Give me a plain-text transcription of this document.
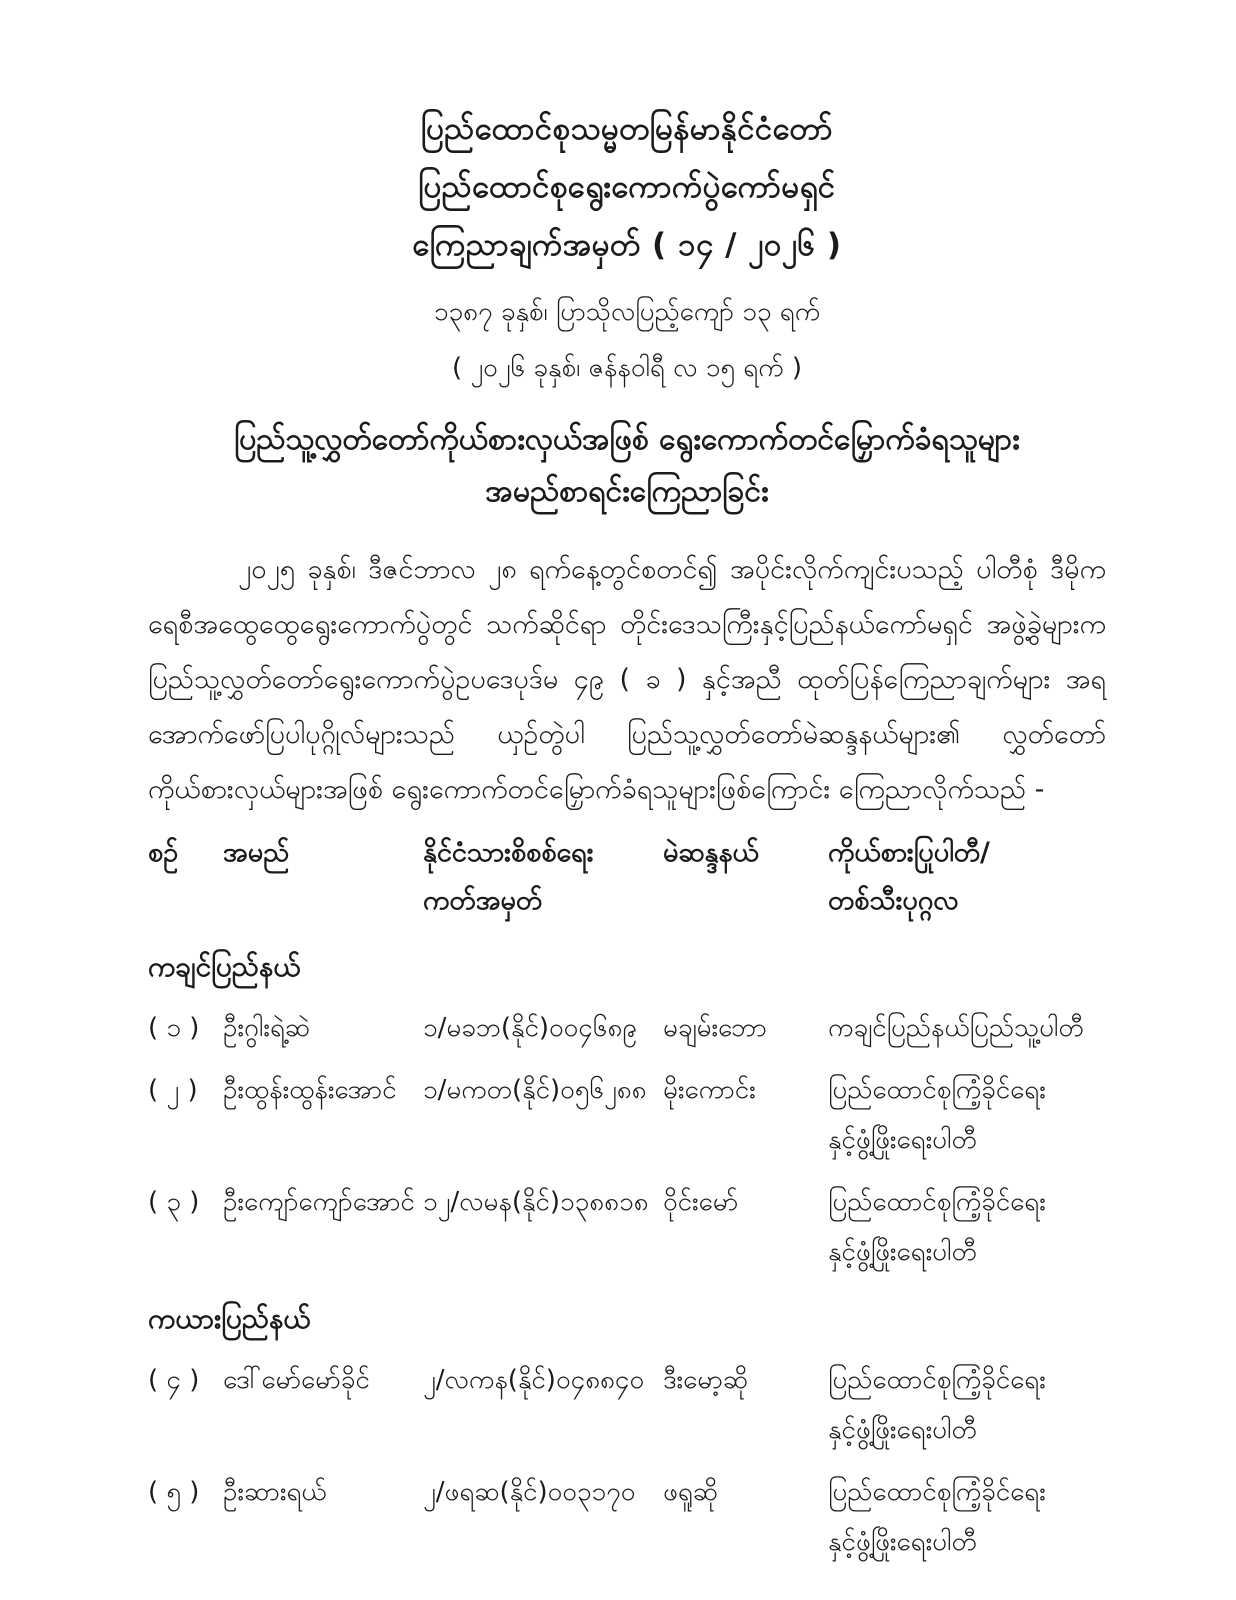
ပြည်ထောင်စုသမ္မတမြန်မာနိုင်ငံတော်
ပြည်ထောင်စုရွေးကောက်ပွဲကော်မရှင်
ကြေညာချက်အမှတ် ( ၁၄ / ၂၀၂၆ )
၁၃၈၇ ခုနှစ်၊ ပြာသိုလပြည့်ကျော် ၁၃ ရက်
( ၂၀၂၆ ခုနှစ်၊ ဇန်နဝါရီ လ ၁၅ ရက် )
ပြည်သူ့လွှတ်တော်ကိုယ်စားလှယ်အဖြစ် ရွေးကောက်တင်မြှောက်ခံရသူများ
အမည်စာရင်းကြေညာခြင်း
၂၀၂၅ ခုနှစ်၊ ဒီဇင်ဘာလ ၂၈ ရက်နေ့တွင်စတင်၍ အပိုင်းလိုက်ကျင်းပသည့် ပါတီစုံ ဒီမိုကရေစီအထွေထွေရွေးကောက်ပွဲတွင် သက်ဆိုင်ရာ တိုင်းဒေသကြီးနှင့်ပြည်နယ်ကော်မရှင် အဖွဲ့ခွဲများက ပြည်သူ့လွှတ်တော်ရွေးကောက်ပွဲဥပဒေပုဒ်မ ၄၉ ( ခ ) နှင့်အညီ ထုတ်ပြန်ကြေညာချက်များ အရ အောက်ဖော်ပြပါပုဂ္ဂိုလ်များသည် ယှဉ်တွဲပါ ပြည်သူ့လွှတ်တော်မဲဆန္ဒနယ်များ၏ လွှတ်တော် ကိုယ်စားလှယ်များအဖြစ် ရွေးကောက်တင်မြှောက်ခံရသူများဖြစ်ကြောင်း ကြေညာလိုက်သည် -
စဉ်	အမည်	နိုင်ငံသားစိစစ်ရေး
ကတ်အမှတ်
မဲဆန္ဒနယ်	ကိုယ်စားပြုပါတီ/
တစ်သီးပုဂ္ဂလ
ကချင်ပြည်နယ်
( ၁ ) ဦးဂွါးရဲ့ဆဲ	၁/မခဘ(နိုင်)၀၀၄၆၈၉ မချမ်းဘော	ကချင်ပြည်နယ်ပြည်သူ့ပါတီ
( ၂ ) ဦးထွန်းထွန်းအောင်	၁/မကတ(နိုင်)၀၅၆၂၈၈ မိုးကောင်း	ပြည်ထောင်စုကြံ့ခိုင်ရေး
နှင့်ဖွံ့ဖြိုးရေးပါတီ
( ၃ ) ဦးကျော်ကျော်အောင် ၁၂/လမန(နိုင်)၁၃၈၈၁၈ ဝိုင်းမော်	ပြည်ထောင်စုကြံ့ခိုင်ရေး
နှင့်ဖွံ့ဖြိုးရေးပါတီ
ကယားပြည်နယ်
( ၄ ) ဒေါ်မော်မော်ခိုင်	၂/လကန(နိုင်)၀၄၈၈၄၀ ဒီးမော့ဆို	ပြည်ထောင်စုကြံ့ခိုင်ရေး
နှင့်ဖွံ့ဖြိုးရေးပါတီ
( ၅ ) ဦးဆားရယ်	၂/ဖရဆ(နိုင်)၀၀၃၁၇၀	ဖရူဆို	ပြည်ထောင်စုကြံ့ခိုင်ရေး
နှင့်ဖွံ့ဖြိုးရေးပါတီ
